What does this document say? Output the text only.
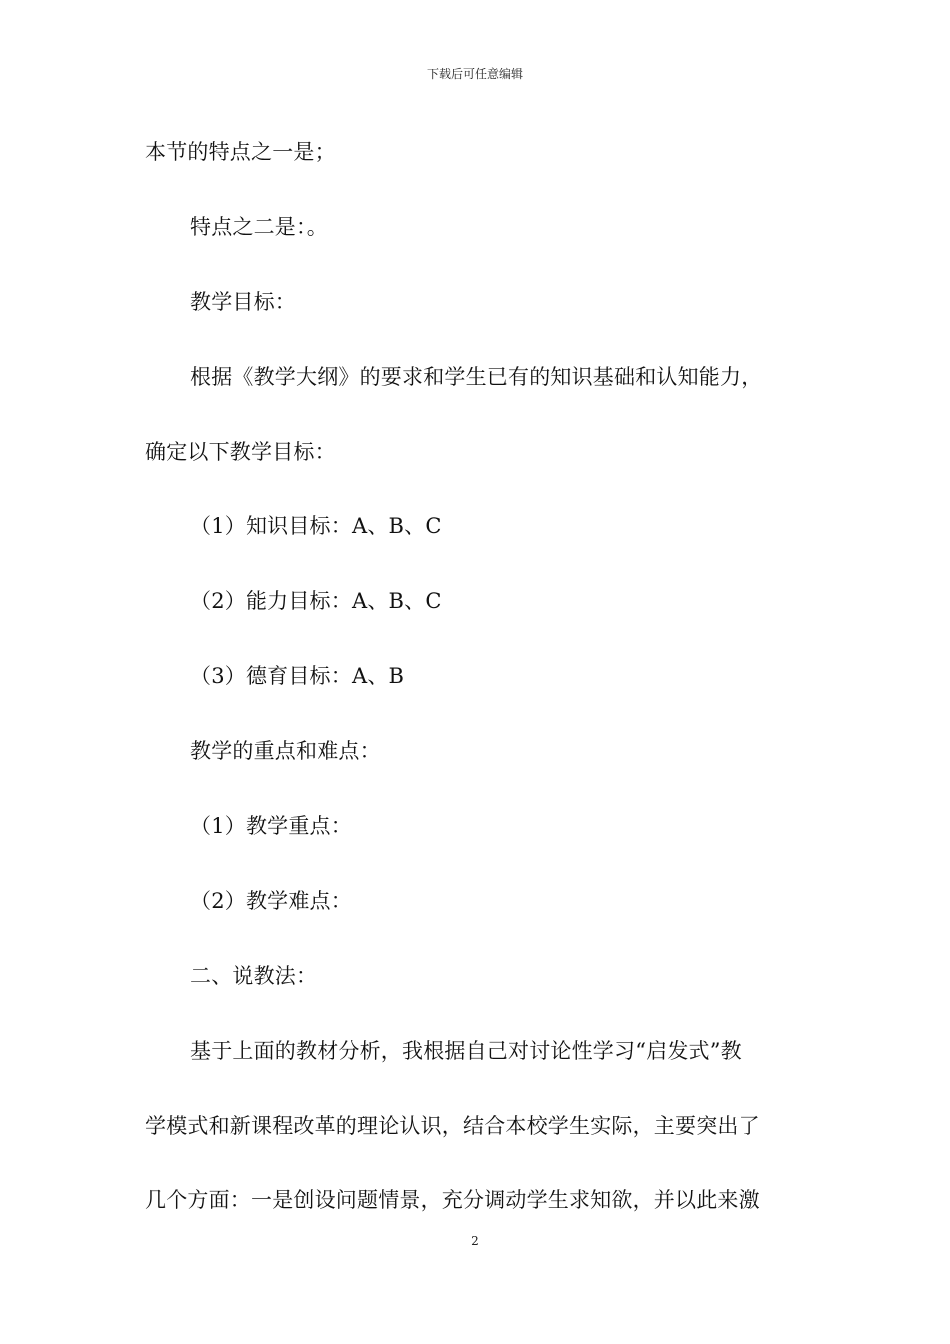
下载后可任意编辑
本节的特点之一是；
特点之二是：。
教学目标：
根据《教学大纲》的要求和学生已有的知识基础和认知能力，
确定以下教学目标：
（1）知识目标：A、B、C
（2）能力目标：A、B、C
（3）德育目标：A、B
教学的重点和难点：
（1）教学重点：
（2）教学难点：
二、说教法：
基于上面的教材分析，我根据自己对讨论性学习“启发式”教
学模式和新课程改革的理论认识，结合本校学生实际，主要突出了
几个方面：一是创设问题情景，充分调动学生求知欲，并以此来激
2
